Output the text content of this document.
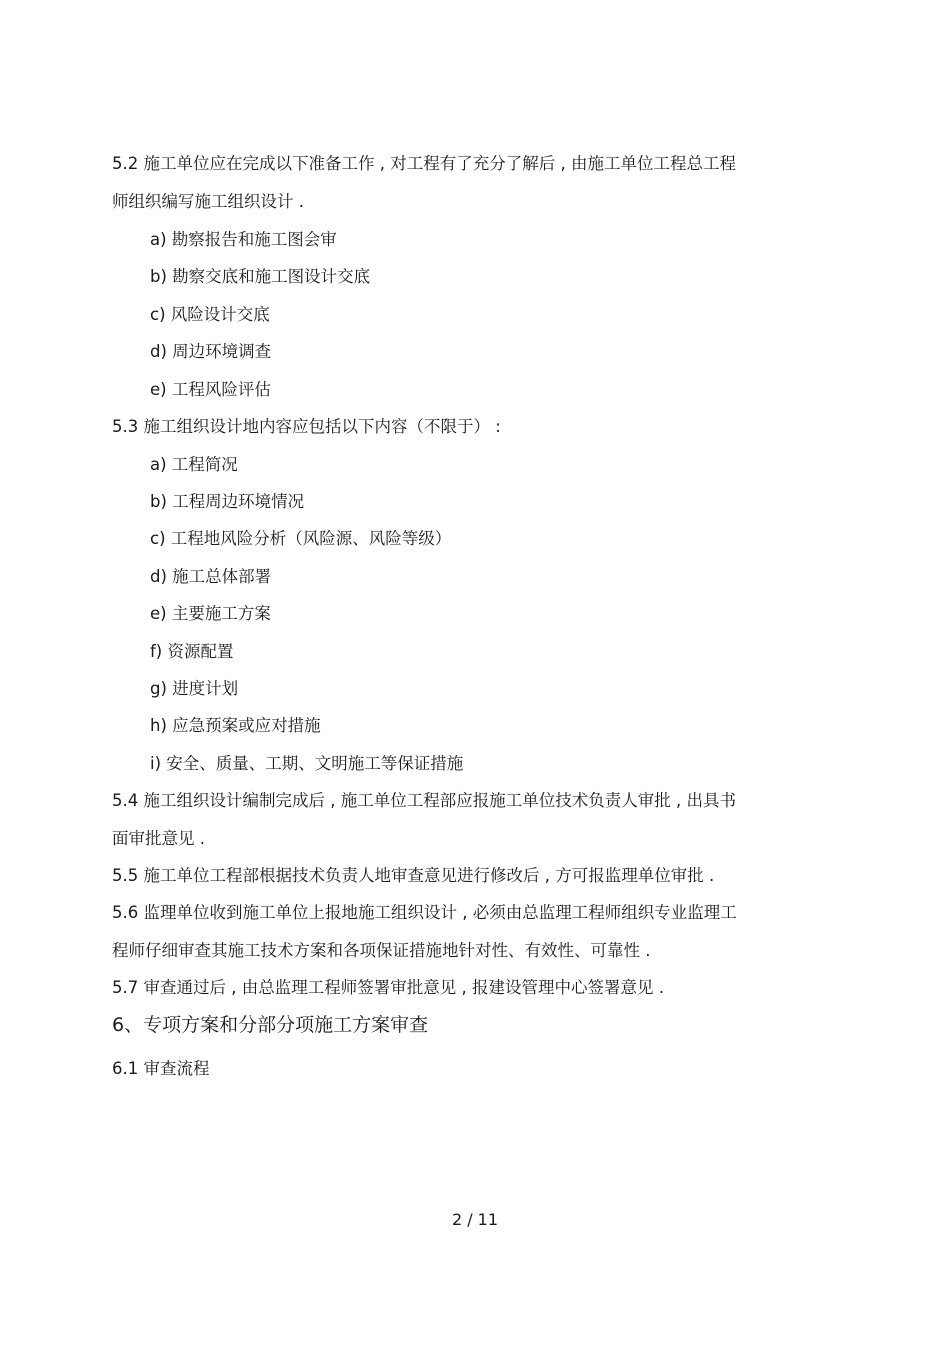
5.2 施工单位应在完成以下准备工作 , 对工程有了充分了解后 , 由施工单位工程总工程
师组织编写施工组织设计 .
a) 勘察报告和施工图会审
b) 勘察交底和施工图设计交底
c) 风险设计交底
d) 周边环境调查
e) 工程风险评估
5.3 施工组织设计地内容应包括以下内容（不限于） :
a) 工程简况
b) 工程周边环境情况
c) 工程地风险分析（风险源、风险等级）
d) 施工总体部署
e) 主要施工方案
f) 资源配置
g) 进度计划
h) 应急预案或应对措施
i) 安全、质量、工期、文明施工等保证措施
5.4 施工组织设计编制完成后 , 施工单位工程部应报施工单位技术负责人审批 , 出具书
面审批意见 .
5.5 施工单位工程部根据技术负责人地审查意见进行修改后 , 方可报监理单位审批 .
5.6 监理单位收到施工单位上报地施工组织设计 , 必须由总监理工程师组织专业监理工
程师仔细审查其施工技术方案和各项保证措施地针对性、有效性、可靠性 .
5.7 审查通过后 , 由总监理工程师签署审批意见 , 报建设管理中心签署意见 .
6、专项方案和分部分项施工方案审查
6.1 审查流程
2 / 11
